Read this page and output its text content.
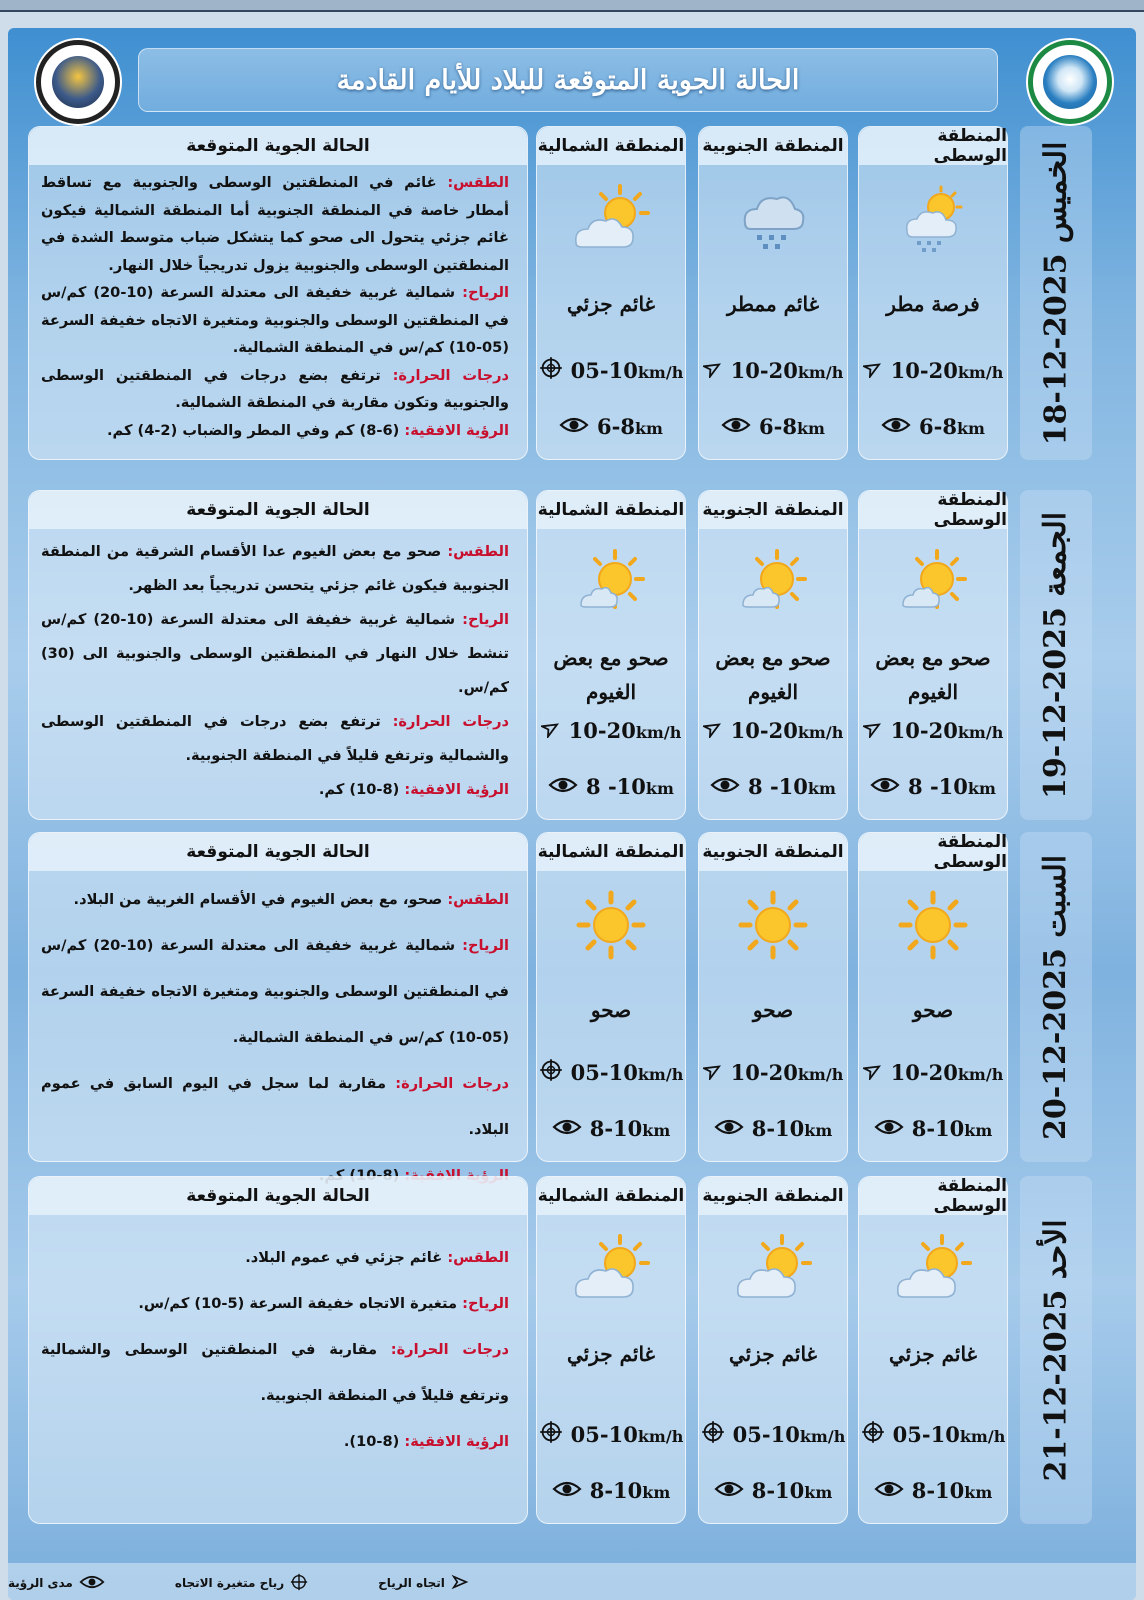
الحالة الجوية المتوقعة للبلاد للأيام القادمة
الخميس 2025-12-18
المنطقة الوسطى
فرصة مطر
10-20km/h
6-8km
المنطقة الجنوبية
غائم ممطر
10-20km/h
6-8km
المنطقة الشمالية
غائم جزئي
05-10km/h
6-8km
الحالة الجوية المتوقعة

الطقس: غائم في المنطقتين الوسطى والجنوبية مع تساقط أمطار خاصة في المنطقة الجنوبية أما المنطقة الشمالية فيكون غائم جزئي يتحول الى صحو كما يتشكل ضباب متوسط الشدة في المنطقتين الوسطى والجنوبية يزول تدريجياً خلال النهار.

الرياح: شمالية غربية خفيفة الى معتدلة السرعة (10-20) كم/س في المنطقتين الوسطى والجنوبية ومتغيرة الاتجاه خفيفة السرعة (05-10) كم/س في المنطقة الشمالية.

درجات الحرارة: ترتفع بضع درجات في المنطقتين الوسطى والجنوبية وتكون مقاربة في المنطقة الشمالية.

الرؤية الافقية: (6-8) كم وفي المطر والضباب (2-4) كم.

الجمعة 2025-12-19
المنطقة الوسطى
صحو مع بعض الغيوم
10-20km/h
8 -10km
المنطقة الجنوبية
صحو مع بعض الغيوم
10-20km/h
8 -10km
المنطقة الشمالية
صحو مع بعض الغيوم
10-20km/h
8 -10km
الحالة الجوية المتوقعة

الطقس: صحو مع بعض الغيوم عدا الأقسام الشرقية من المنطقة الجنوبية فيكون غائم جزئي يتحسن تدريجياً بعد الظهر.

الرياح: شمالية غربية خفيفة الى معتدلة السرعة (10-20) كم/س تنشط خلال النهار في المنطقتين الوسطى والجنوبية الى (30) كم/س.

درجات الحرارة: ترتفع بضع درجات في المنطقتين الوسطى والشمالية وترتفع قليلاً في المنطقة الجنوبية.

الرؤية الافقية: (8-10) كم.

السبت 2025-12-20
المنطقة الوسطى
صحو
10-20km/h
8-10km
المنطقة الجنوبية
صحو
10-20km/h
8-10km
المنطقة الشمالية
صحو
05-10km/h
8-10km
الحالة الجوية المتوقعة

الطقس: صحو، مع بعض الغيوم في الأقسام الغربية من البلاد.

الرياح: شمالية غربية خفيفة الى معتدلة السرعة (10-20) كم/س في المنطقتين الوسطى والجنوبية ومتغيرة الاتجاه خفيفة السرعة (05-10) كم/س في المنطقة الشمالية.

درجات الحرارة: مقاربة لما سجل في اليوم السابق في عموم البلاد.

الأحد 2025-12-21
المنطقة الوسطى
غائم جزئي
05-10km/h
8-10km
المنطقة الجنوبية
غائم جزئي
05-10km/h
8-10km
المنطقة الشمالية
غائم جزئي
05-10km/h
8-10km
الحالة الجوية المتوقعة

الطقس: غائم جزئي في عموم البلاد.

الرياح: متغيرة الاتجاه خفيفة السرعة (5-10) كم/س.

درجات الحرارة: مقاربة في المنطقتين الوسطى والشمالية وترتفع قليلاً في المنطقة الجنوبية.

الرؤية الافقية: (8-10).

اتجاه الرياح
رياح متغيرة الاتجاه
مدى الرؤية
